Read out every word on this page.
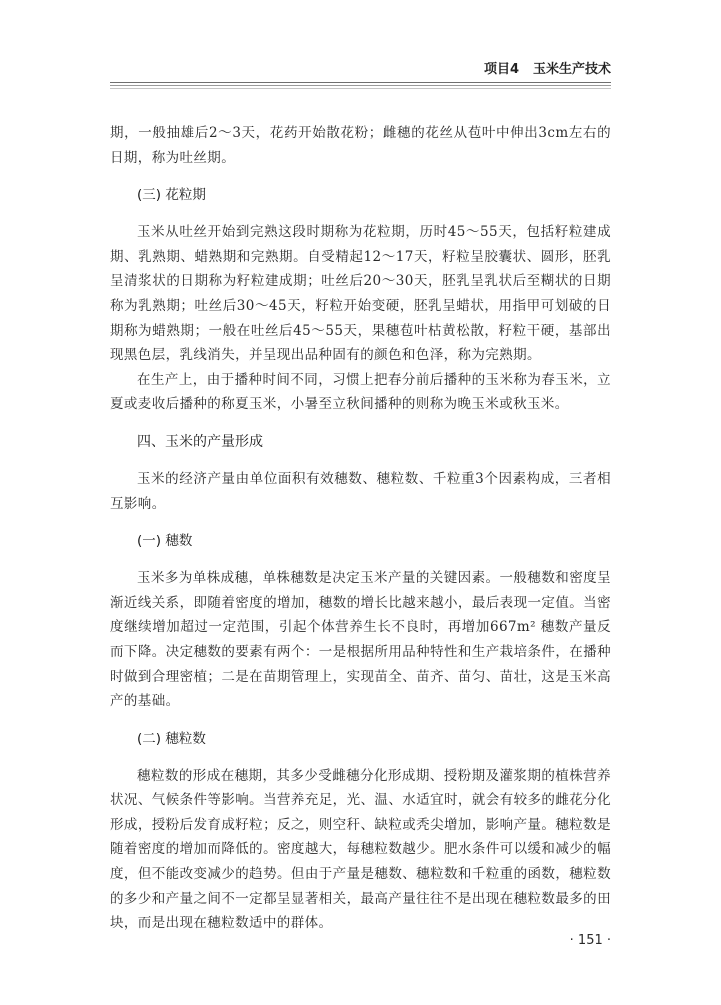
项目4 玉米生产技术

期，一般抽雄后2～3天，花药开始散花粉；雌穗的花丝从苞叶中伸出3cm左右的日期，称为吐丝期。

(三) 花粒期

玉米从吐丝开始到完熟这段时期称为花粒期，历时45～55天，包括籽粒建成期、乳熟期、蜡熟期和完熟期。自受精起12～17天，籽粒呈胶囊状、圆形，胚乳呈清浆状的日期称为籽粒建成期；吐丝后20～30天，胚乳呈乳状后至糊状的日期称为乳熟期；吐丝后30～45天，籽粒开始变硬，胚乳呈蜡状，用指甲可划破的日期称为蜡熟期；一般在吐丝后45～55天，果穗苞叶枯黄松散，籽粒干硬，基部出现黑色层，乳线消失，并呈现出品种固有的颜色和色泽，称为完熟期。

在生产上，由于播种时间不同，习惯上把春分前后播种的玉米称为春玉米，立夏或麦收后播种的称夏玉米，小暑至立秋间播种的则称为晚玉米或秋玉米。

四、玉米的产量形成

玉米的经济产量由单位面积有效穗数、穗粒数、千粒重3个因素构成，三者相互影响。

(一) 穗数

玉米多为单株成穗，单株穗数是决定玉米产量的关键因素。一般穗数和密度呈渐近线关系，即随着密度的增加，穗数的增长比越来越小，最后表现一定值。当密度继续增加超过一定范围，引起个体营养生长不良时，再增加667m² 穗数产量反而下降。决定穗数的要素有两个：一是根据所用品种特性和生产栽培条件，在播种时做到合理密植；二是在苗期管理上，实现苗全、苗齐、苗匀、苗壮，这是玉米高产的基础。

(二) 穗粒数

穗粒数的形成在穗期，其多少受雌穗分化形成期、授粉期及灌浆期的植株营养状况、气候条件等影响。当营养充足，光、温、水适宜时，就会有较多的雌花分化形成，授粉后发育成籽粒；反之，则空秆、缺粒或秃尖增加，影响产量。穗粒数是随着密度的增加而降低的。密度越大，每穗粒数越少。肥水条件可以缓和减少的幅度，但不能改变减少的趋势。但由于产量是穗数、穗粒数和千粒重的函数，穗粒数的多少和产量之间不一定都呈显著相关，最高产量往往不是出现在穗粒数最多的田块，而是出现在穗粒数适中的群体。

· 151 ·
